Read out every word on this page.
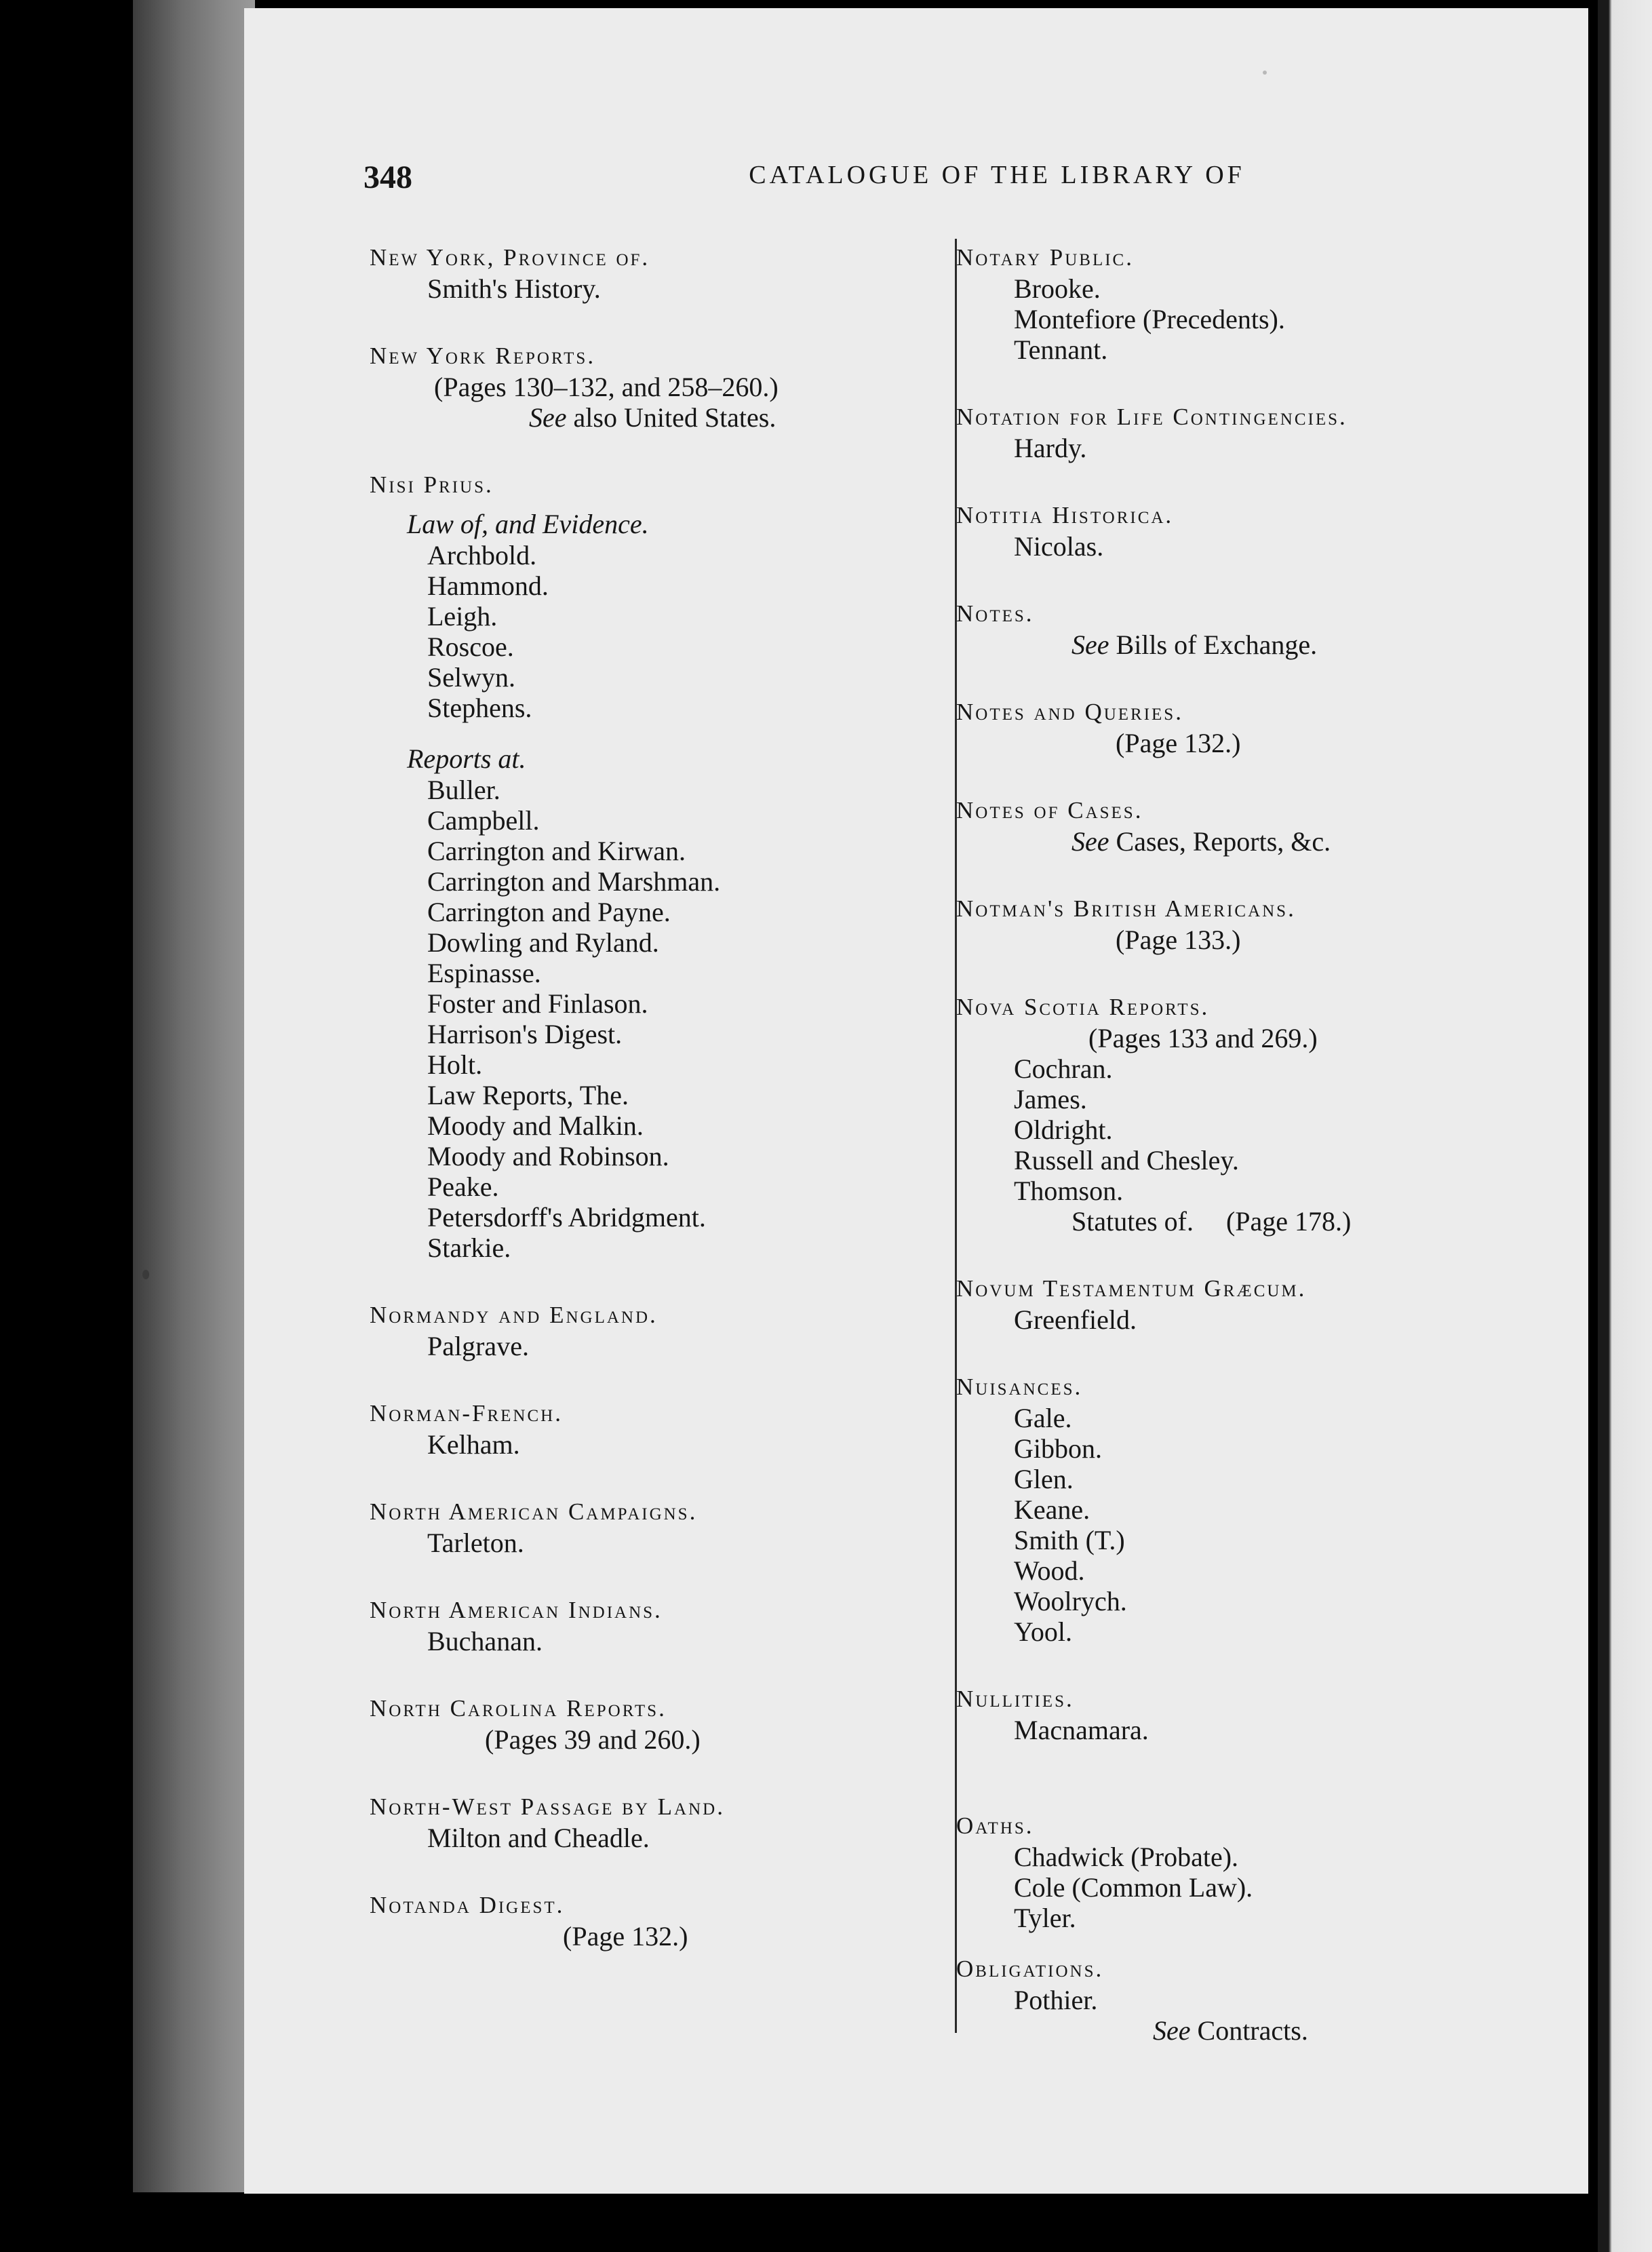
348	CATALOGUE OF THE LIBRARY OF
New York, Province of.
Smith's History.
New York Reports.
(Pages 130–132, and 258–260.)
See also United States.
Nisi Prius.
Law of, and Evidence.
Archbold.
Hammond.
Leigh.
Roscoe.
Selwyn.
Stephens.
Reports at.
Buller.
Campbell.
Carrington and Kirwan.
Carrington and Marshman.
Carrington and Payne.
Dowling and Ryland.
Espinasse.
Foster and Finlason.
Harrison's Digest.
Holt.
Law Reports, The.
Moody and Malkin.
Moody and Robinson.
Peake.
Petersdorff's Abridgment.
Starkie.
Normandy and England.
Palgrave.
Norman-French.
Kelham.
North American Campaigns.
Tarleton.
North American Indians.
Buchanan.
North Carolina Reports.
(Pages 39 and 260.)
North-West Passage by Land.
Milton and Cheadle.
Notanda Digest.
(Page 132.)
Notary Public.
Brooke.
Montefiore (Precedents).
Tennant.
Notation for Life Contingencies.
Hardy.
Notitia Historica.
Nicolas.
Notes.
See Bills of Exchange.
Notes and Queries.
(Page 132.)
Notes of Cases.
See Cases, Reports, &c.
Notman's British Americans.
(Page 133.)
Nova Scotia Reports.
(Pages 133 and 269.)
Cochran.
James.
Oldright.
Russell and Chesley.
Thomson.
Statutes of. (Page 178.)
Novum Testamentum Græcum.
Greenfield.
Nuisances.
Gale.
Gibbon.
Glen.
Keane.
Smith (T.)
Wood.
Woolrych.
Yool.
Nullities.
Macnamara.
Oaths.
Chadwick (Probate).
Cole (Common Law).
Tyler.
Obligations.
Pothier.
See Contracts.
